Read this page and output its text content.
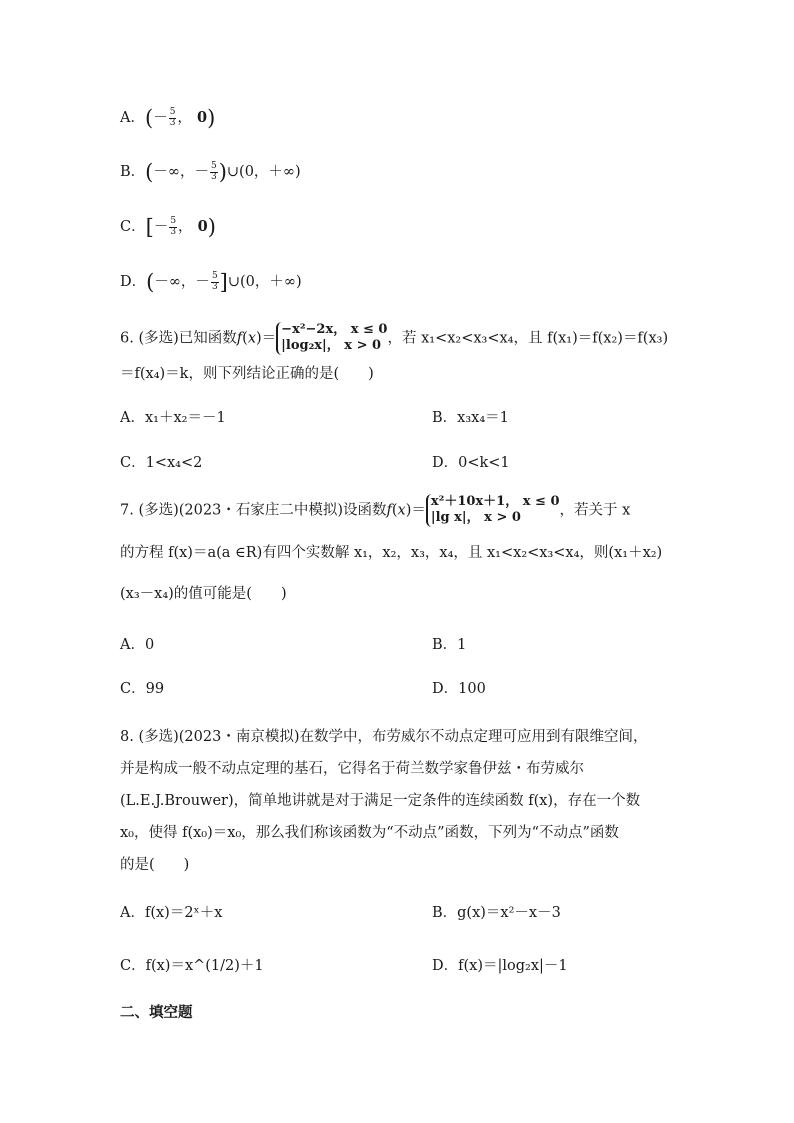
A．(－ $\frac{5}{3}$ ， 0)
B．(－∞，－ $\frac{5}{3}$ )∪(0，＋∞)
C．[－ $\frac{5}{3}$ ， 0)
D．(－∞，－ $\frac{5}{3}$ ]∪(0，＋∞)
6. (多选)已知函数f(x)＝−x²−2x， x ≤ 0
|log₂x|， x > 0 ，若 x₁<x₂<x₃<x₄，且 f(x₁)＝f(x₂)＝f(x₃)
＝f(x₄)＝k，则下列结论正确的是(　　)
A．x₁＋x₂＝－1	B．x₃x₄＝1
C．1<x₄<2	D．0<k<1
7. (多选)(2023・石家庄二中模拟)设函数f(x)＝x²＋10x＋1， x ≤ 0
|lg x|， x > 0	，若关于 x
的方程 f(x)＝a(a ∈R)有四个实数解 x₁，x₂，x₃，x₄，且 x₁<x₂<x₃<x₄，则(x₁＋x₂)
(x₃－x₄)的值可能是(　　)
A．0	B．1
C．99	D．100
8. (多选)(2023・南京模拟)在数学中，布劳威尔不动点定理可应用到有限维空间，
并是构成一般不动点定理的基石，它得名于荷兰数学家鲁伊兹・布劳威尔
(L.E.J.Brouwer)，简单地讲就是对于满足一定条件的连续函数 f(x)，存在一个数
x₀，使得 f(x₀)＝x₀，那么我们称该函数为“不动点”函数，下列为“不动点”函数
的是(　　)
A．f(x)＝2ˣ＋x	B．g(x)＝x²－x－3
C．f(x)＝x^(1/2)＋1	D．f(x)＝|log₂x|－1
二、填空题
